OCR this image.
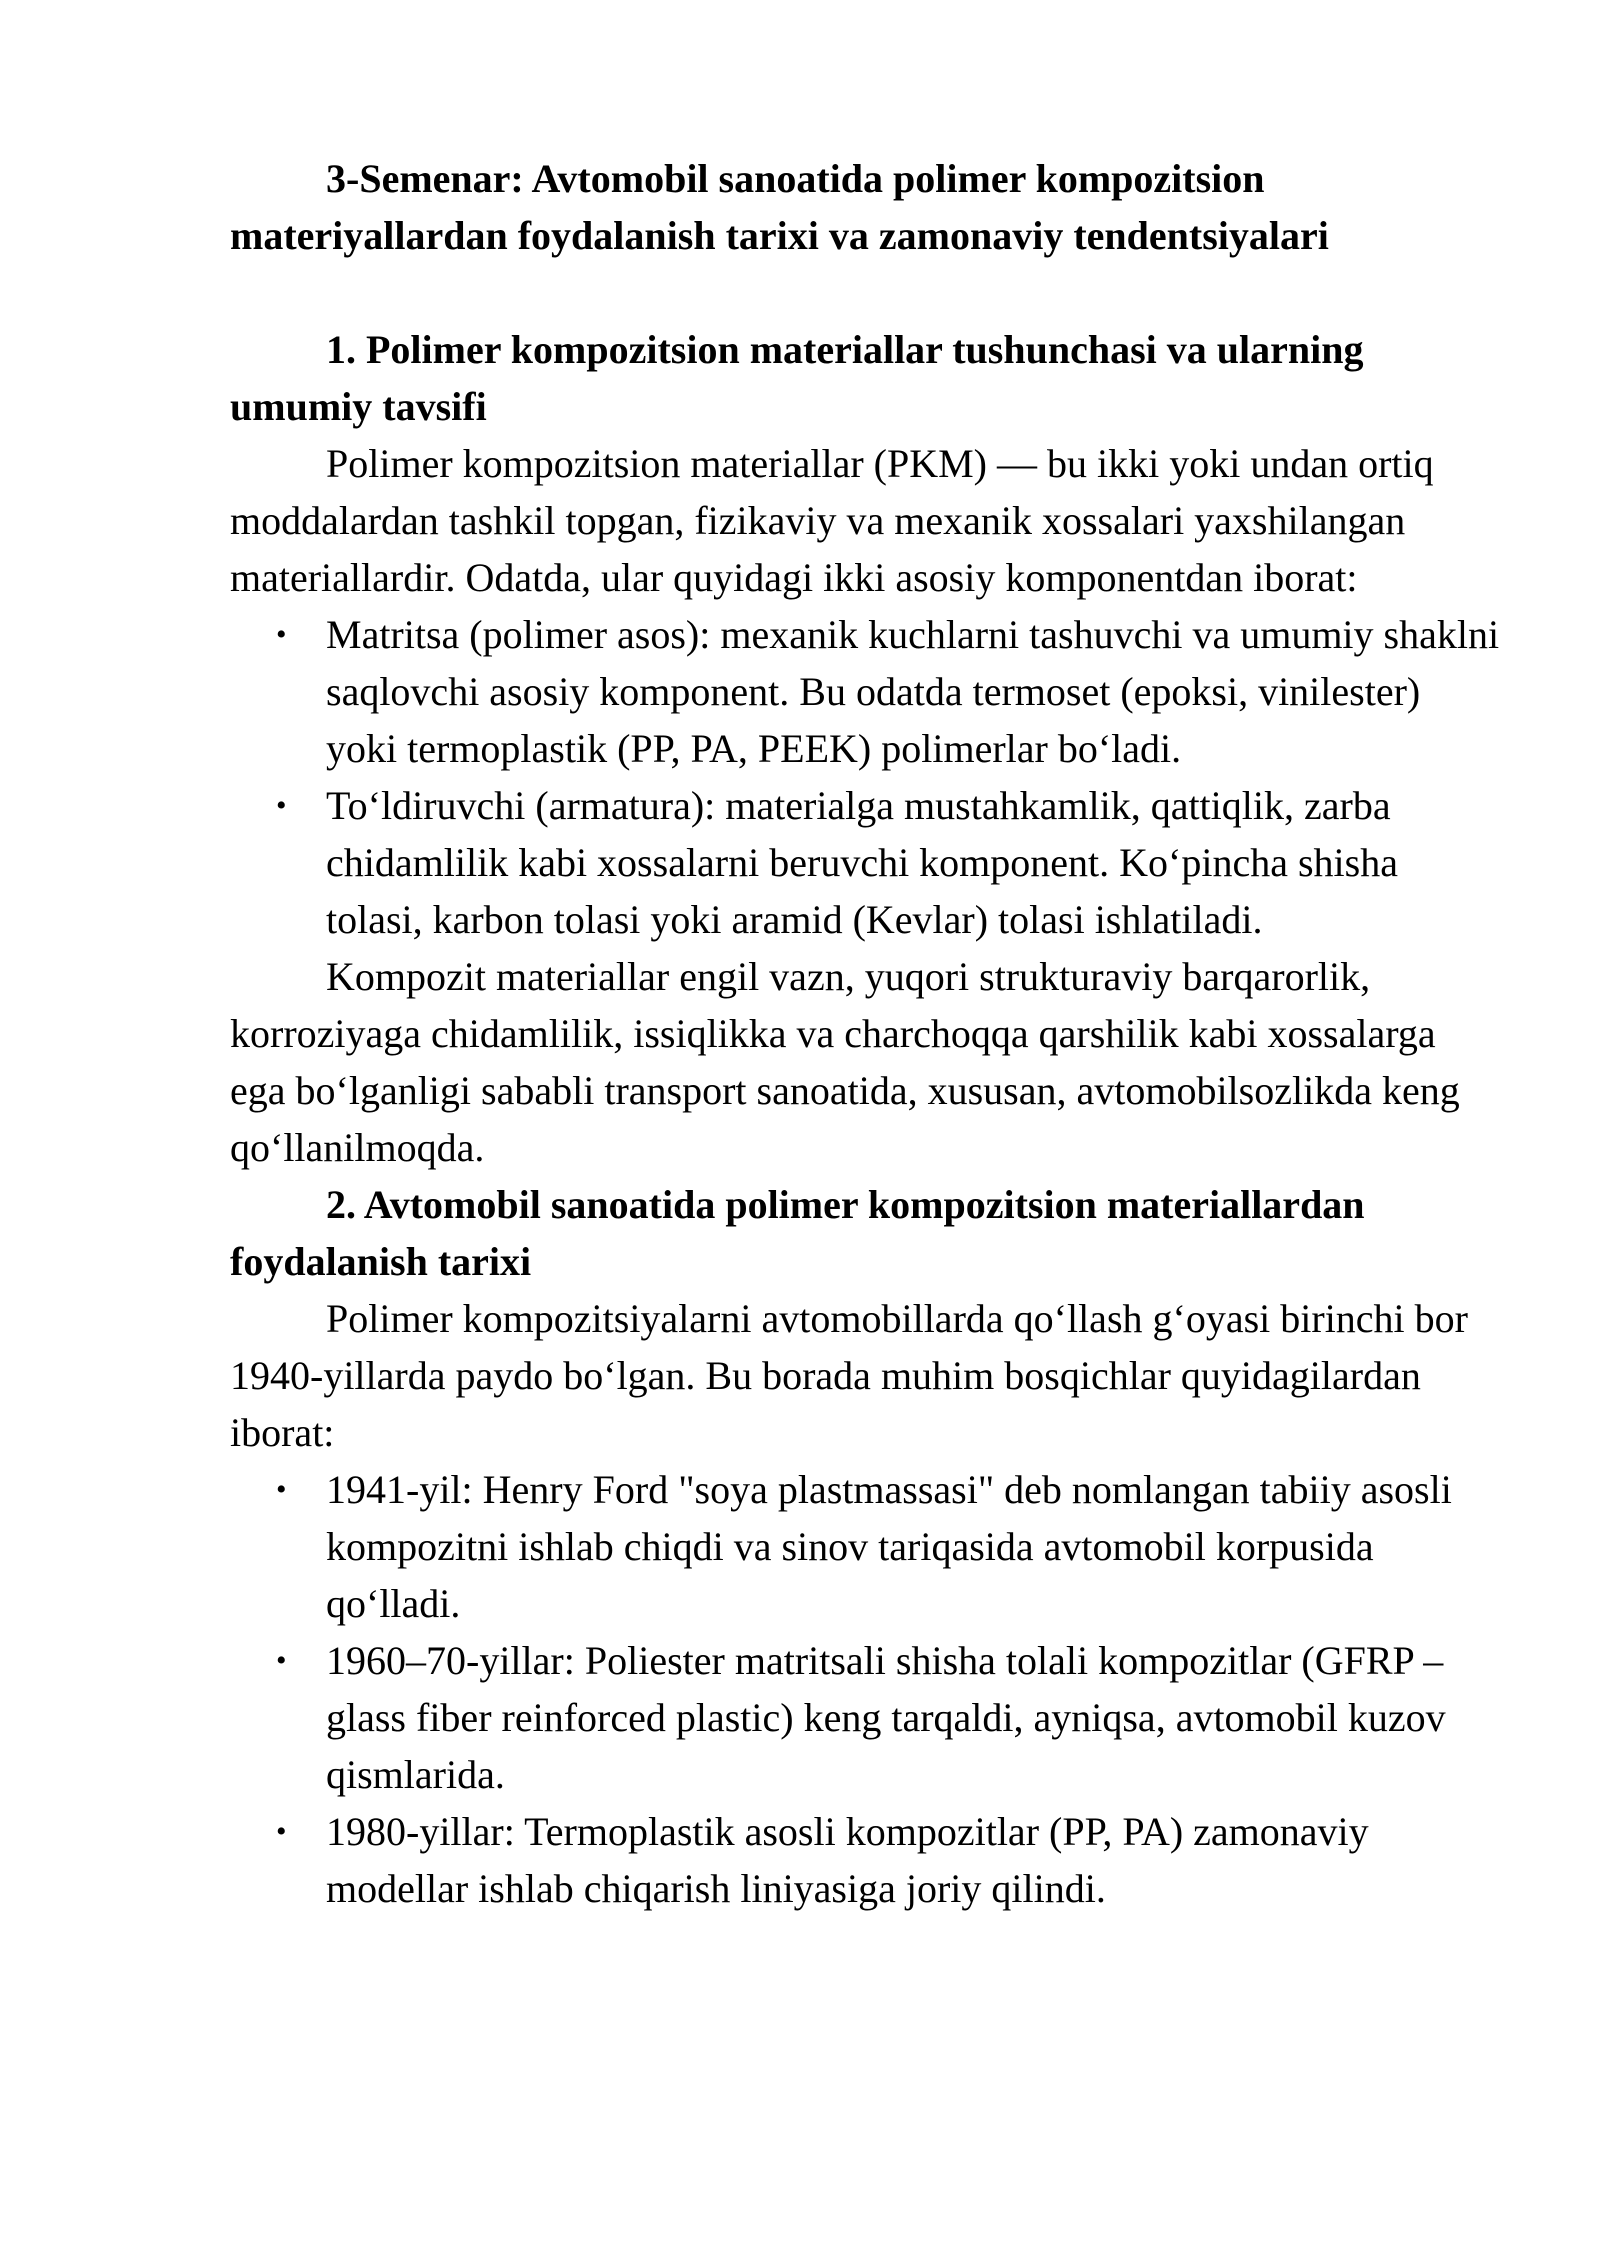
3-Semenar: Avtomobil sanoatida polimer kompozitsion materiyallardan foydalanish tarixi va zamonaviy tendentsiyalari

1. Polimer kompozitsion materiallar tushunchasi va ularning umumiy tavsifi

Polimer kompozitsion materiallar (PKM) — bu ikki yoki undan ortiq moddalardan tashkil topgan, fizikaviy va mexanik xossalari yaxshilangan materiallardir. Odatda, ular quyidagi ikki asosiy komponentdan iborat:

• Matritsa (polimer asos): mexanik kuchlarni tashuvchi va umumiy shaklni saqlovchi asosiy komponent. Bu odatda termoset (epoksi, vinilester) yoki termoplastik (PP, PA, PEEK) polimerlar bo‘ladi.
• To‘ldiruvchi (armatura): materialga mustahkamlik, qattiqlik, zarba chidamlilik kabi xossalarni beruvchi komponent. Ko‘pincha shisha tolasi, karbon tolasi yoki aramid (Kevlar) tolasi ishlatiladi.

Kompozit materiallar engil vazn, yuqori strukturaviy barqarorlik, korroziyaga chidamlilik, issiqlikka va charchoqqa qarshilik kabi xossalarga ega bo‘lganligi sababli transport sanoatida, xususan, avtomobilsozlikda keng qo‘llanilmoqda.

2. Avtomobil sanoatida polimer kompozitsion materiallardan foydalanish tarixi

Polimer kompozitsiyalarni avtomobillarda qo‘llash g‘oyasi birinchi bor 1940-yillarda paydo bo‘lgan. Bu borada muhim bosqichlar quyidagilardan iborat:

• 1941-yil: Henry Ford "soya plastmassasi" deb nomlangan tabiiy asosli kompozitni ishlab chiqdi va sinov tariqasida avtomobil korpusida qo‘lladi.
• 1960–70-yillar: Poliester matritsali shisha tolali kompozitlar (GFRP – glass fiber reinforced plastic) keng tarqaldi, ayniqsa, avtomobil kuzov qismlarida.
• 1980-yillar: Termoplastik asosli kompozitlar (PP, PA) zamonaviy modellar ishlab chiqarish liniyasiga joriy qilindi.
